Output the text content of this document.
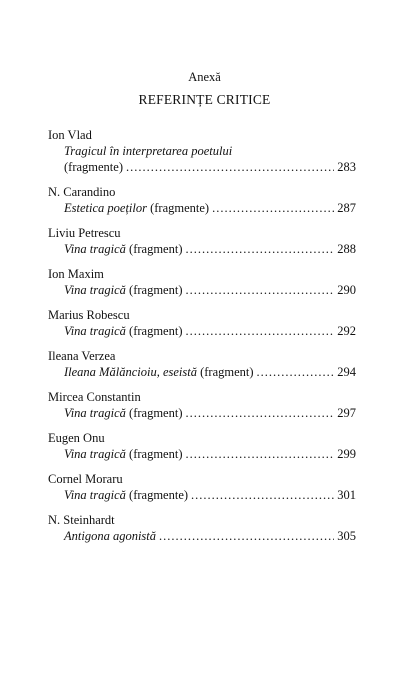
Anexă
REFERINȚE CRITICE
Ion Vlad
Tragicul în interpretarea poetului
(fragmente) .....	283
N. Carandino
Estetica poeților (fragmente) .....	287
Liviu Petrescu
Vina tragică (fragment) .....	288
Ion Maxim
Vina tragică (fragment) .....	290
Marius Robescu
Vina tragică (fragment) .....	292
Ileana Verzea
Ileana Mălăncioiu, eseistă (fragment) .....	294
Mircea Constantin
Vina tragică (fragment) .....	297
Eugen Onu
Vina tragică (fragment) .....	299
Cornel Moraru
Vina tragică (fragmente) .....	301
N. Steinhardt
Antigona agonistă .....	305
